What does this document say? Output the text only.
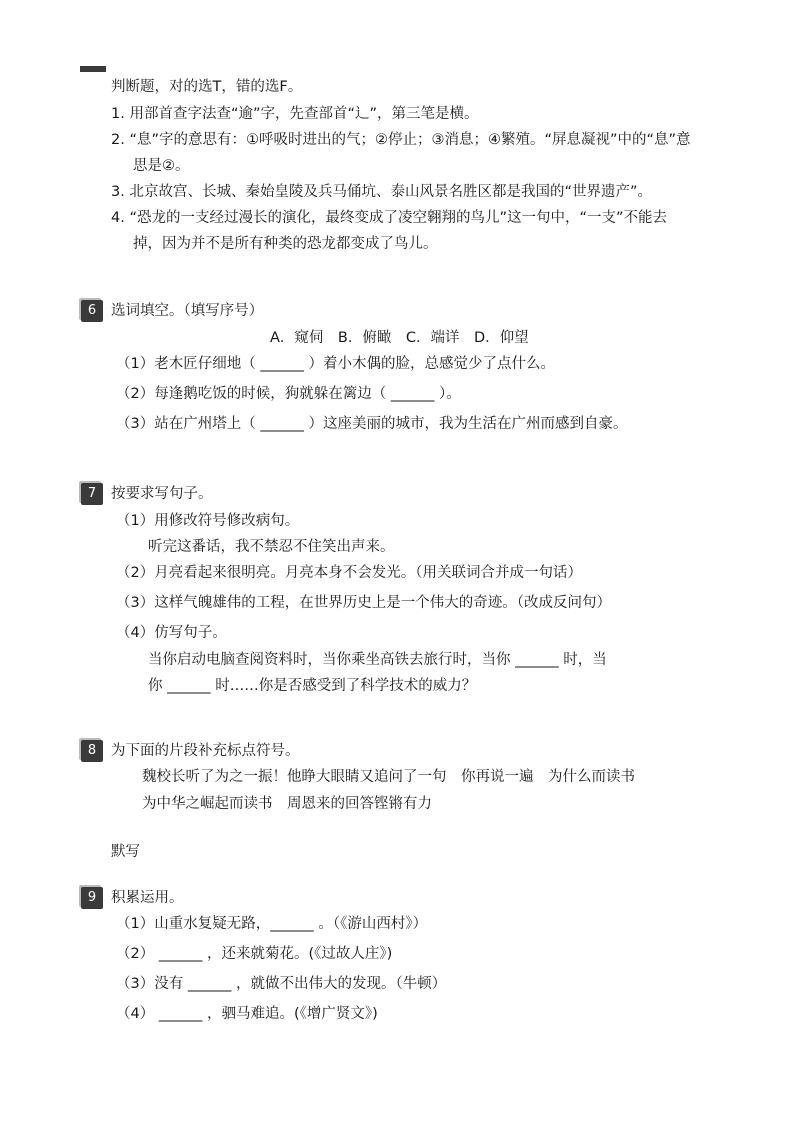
判断题，对的选T，错的选F。
1. 用部首查字法查“逾”字，先查部首“辶”，第三笔是横。
2. “息”字的意思有：①呼吸时进出的气；②停止；③消息；④繁殖。“屏息凝视”中的“息”意
思是②。
3. 北京故宫、长城、秦始皇陵及兵马俑坑、泰山风景名胜区都是我国的“世界遗产”。
4. “恐龙的一支经过漫长的演化，最终变成了凌空翱翔的鸟儿”这一句中，“一支”不能去
掉，因为并不是所有种类的恐龙都变成了鸟儿。
6	选词填空。（填写序号）
A．窥伺　B．俯瞰　C．端详　D．仰望
（1）老木匠仔细地（ ______ ）着小木偶的脸，总感觉少了点什么。
（2）每逢鹅吃饭的时候，狗就躲在篱边（ ______ ）。
（3）站在广州塔上（ ______ ）这座美丽的城市，我为生活在广州而感到自豪。
7	按要求写句子。
（1）用修改符号修改病句。
听完这番话，我不禁忍不住笑出声来。
（2）月亮看起来很明亮。月亮本身不会发光。（用关联词合并成一句话）
（3）这样气魄雄伟的工程，在世界历史上是一个伟大的奇迹。（改成反问句）
（4）仿写句子。
当你启动电脑查阅资料时，当你乘坐高铁去旅行时，当你 ______ 时，当
你 ______ 时……你是否感受到了科学技术的威力？
8	为下面的片段补充标点符号。
魏校长听了为之一振！他睁大眼睛又追问了一句　你再说一遍　为什么而读书
为中华之崛起而读书　周恩来的回答铿锵有力
默写
9	积累运用。
（1）山重水复疑无路，______ 。（《游山西村》）
（2） ______ ，还来就菊花。(《过故人庄》)
（3）没有 ______ ，就做不出伟大的发现。（牛顿）
（4） ______ ，驷马难追。(《增广贤文》)
